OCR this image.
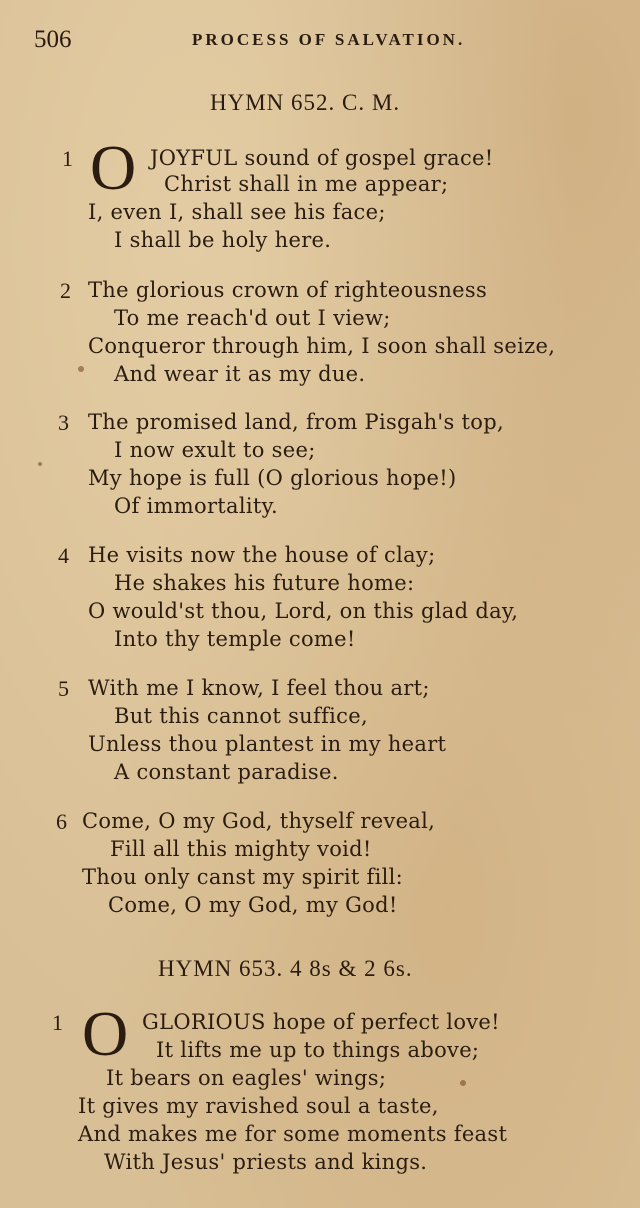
506	PROCESS OF SALVATION.
HYMN 652. C. M.
1 O JOYFUL sound of gospel grace!
Christ shall in me appear;
I, even I, shall see his face;
I shall be holy here.
2 The glorious crown of righteousness
To me reach'd out I view;
Conqueror through him, I soon shall seize,
And wear it as my due.
3 The promised land, from Pisgah's top,
I now exult to see;
My hope is full (O glorious hope!)
Of immortality.
4 He visits now the house of clay;
He shakes his future home:
O would'st thou, Lord, on this glad day,
Into thy temple come!
5 With me I know, I feel thou art;
But this cannot suffice,
Unless thou plantest in my heart
A constant paradise.
6 Come, O my God, thyself reveal,
Fill all this mighty void!
Thou only canst my spirit fill:
Come, O my God, my God!
HYMN 653. 4 8s & 2 6s.
1 O GLORIOUS hope of perfect love!
It lifts me up to things above;
It bears on eagles' wings;
It gives my ravished soul a taste,
And makes me for some moments feast
With Jesus' priests and kings.
